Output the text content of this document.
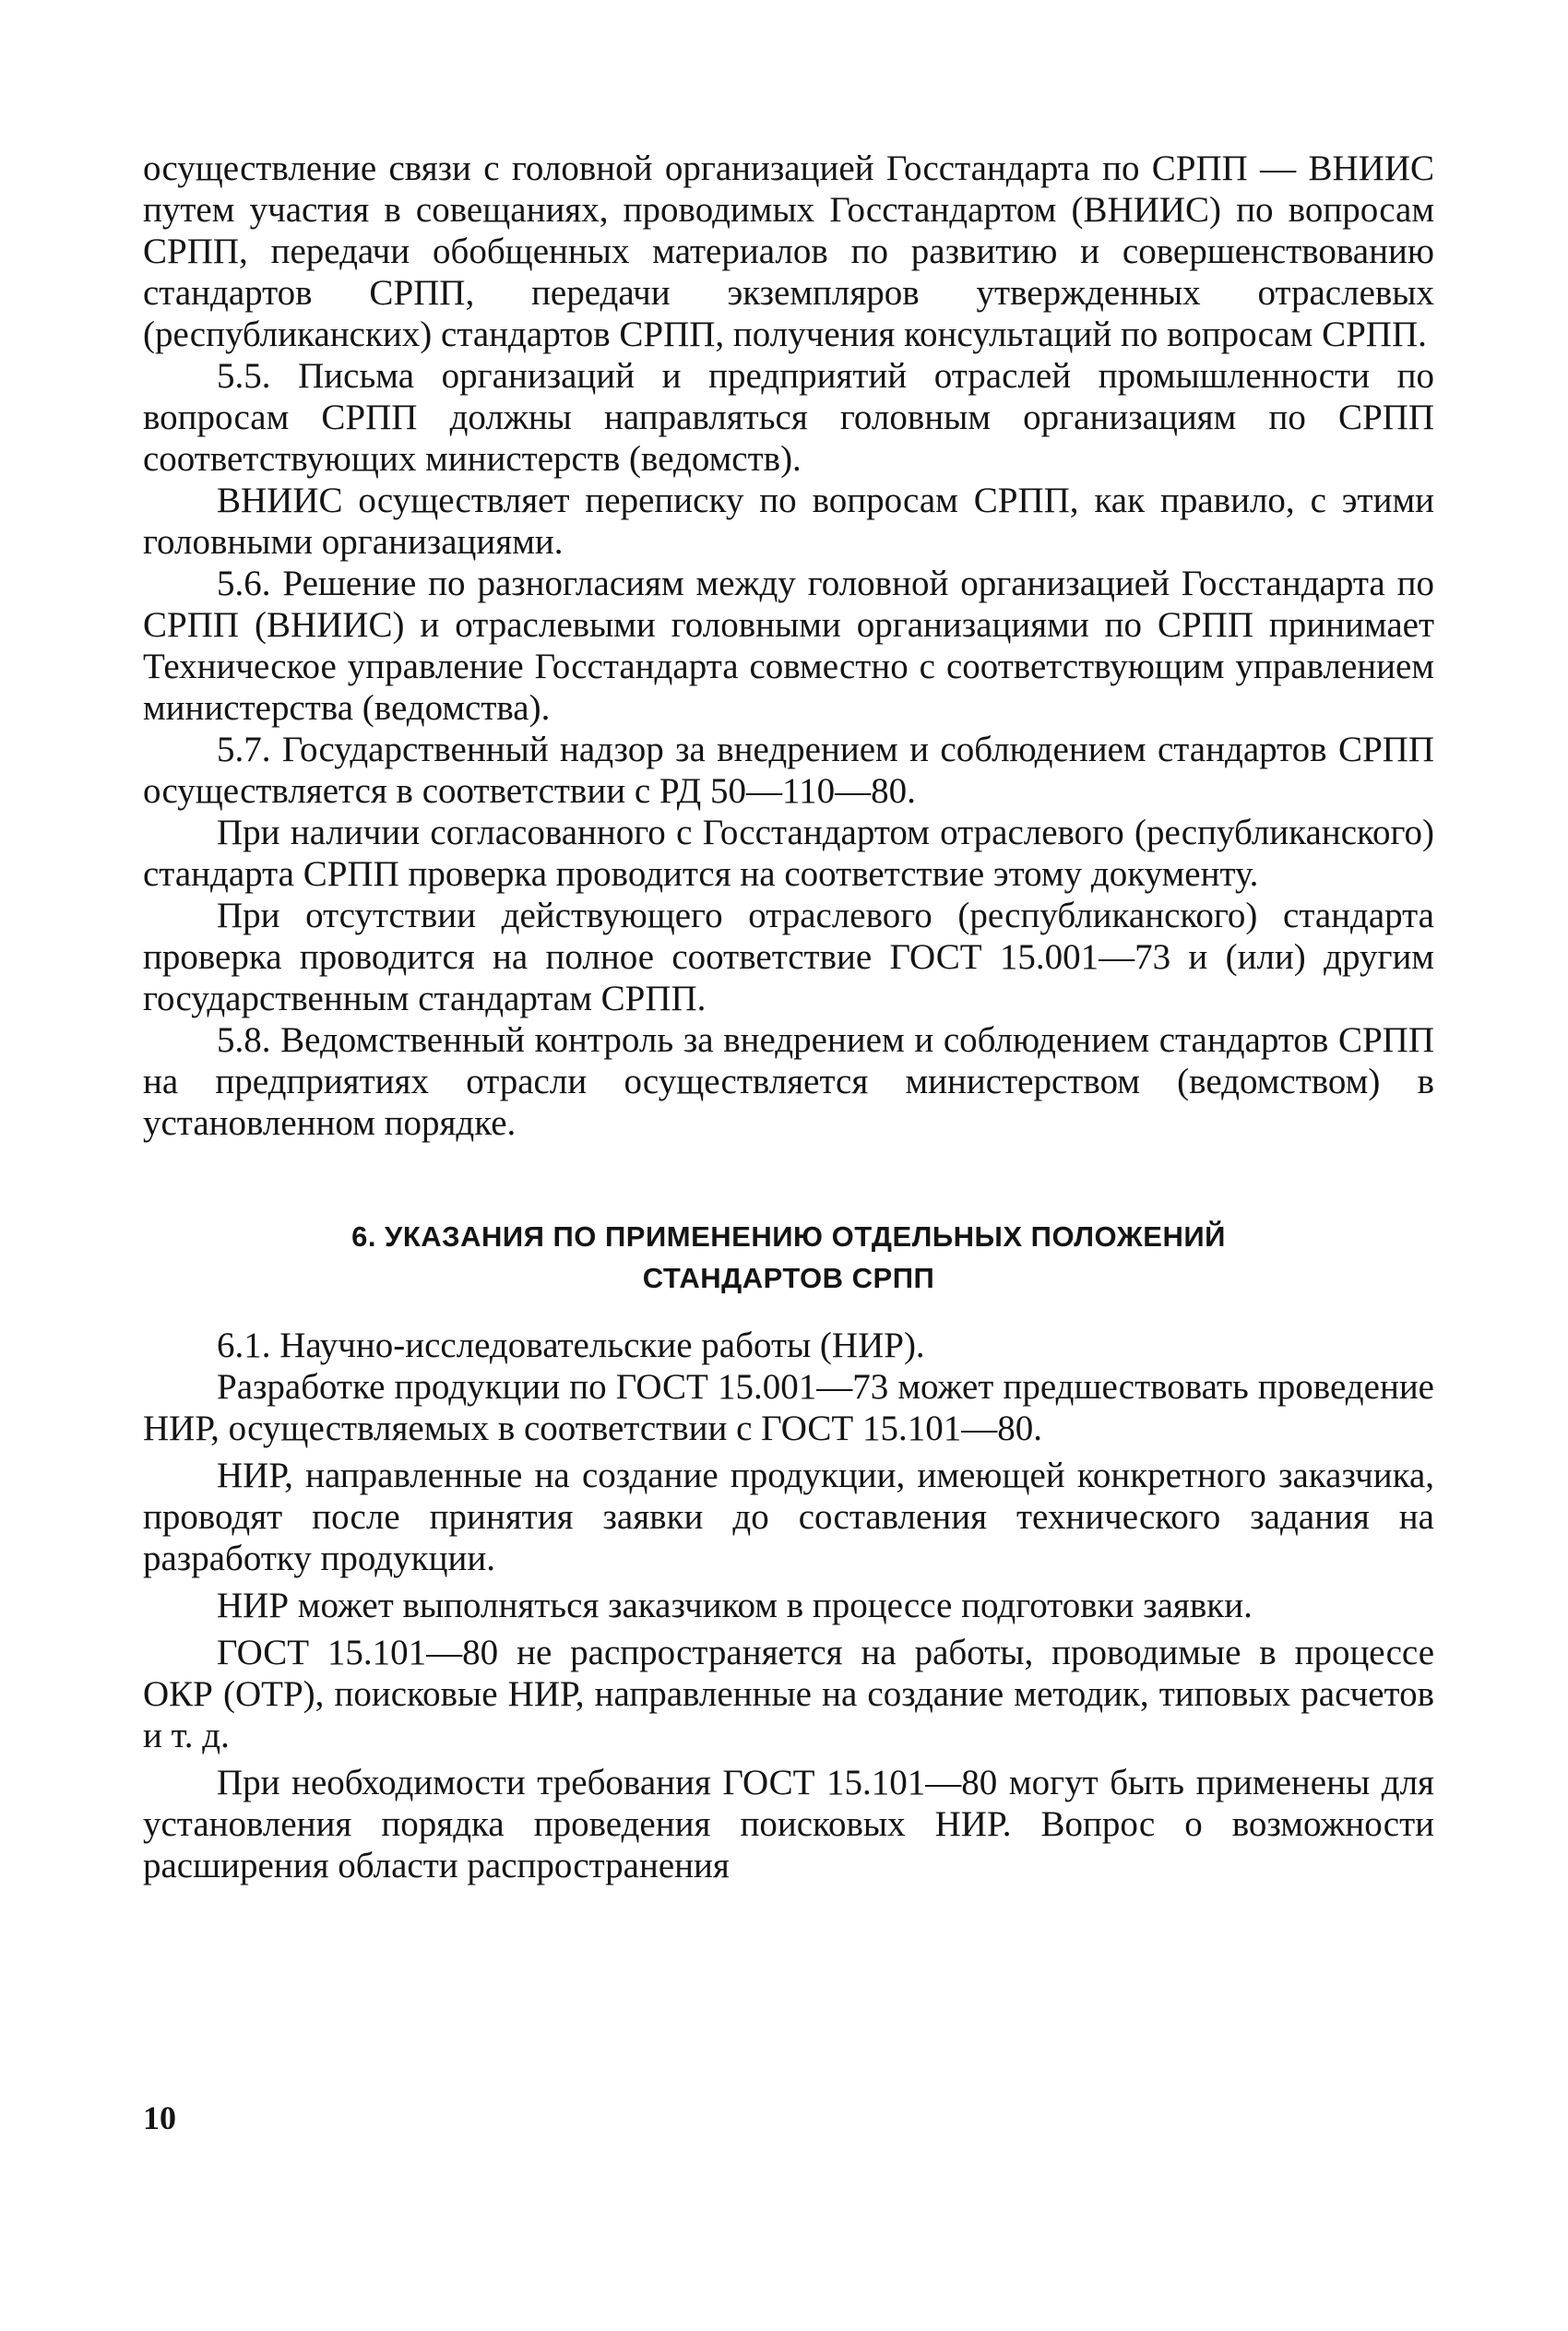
осуществление связи с головной организацией Госстандарта по СРПП — ВНИИС путем участия в совещаниях, проводимых Госстандартом (ВНИИС) по вопросам СРПП, передачи обобщенных материалов по развитию и совершенствованию стандартов СРПП, передачи экземпляров утвержденных отраслевых (республиканских) стандартов СРПП, получения консультаций по вопросам СРПП.

5.5. Письма организаций и предприятий отраслей промышленности по вопросам СРПП должны направляться головным организациям по СРПП соответствующих министерств (ведомств).

ВНИИС осуществляет переписку по вопросам СРПП, как правило, с этими головными организациями.

5.6. Решение по разногласиям между головной организацией Госстандарта по СРПП (ВНИИС) и отраслевыми головными организациями по СРПП принимает Техническое управление Госстандарта совместно с соответствующим управлением министерства (ведомства).

5.7. Государственный надзор за внедрением и соблюдением стандартов СРПП осуществляется в соответствии с РД 50—110—80.

При наличии согласованного с Госстандартом отраслевого (республиканского) стандарта СРПП проверка проводится на соответствие этому документу.

При отсутствии действующего отраслевого (республиканского) стандарта проверка проводится на полное соответствие ГОСТ 15.001—73 и (или) другим государственным стандартам СРПП.

5.8. Ведомственный контроль за внедрением и соблюдением стандартов СРПП на предприятиях отрасли осуществляется министерством (ведомством) в установленном порядке.

6. УКАЗАНИЯ ПО ПРИМЕНЕНИЮ ОТДЕЛЬНЫХ ПОЛОЖЕНИЙ
СТАНДАРТОВ СРПП

6.1. Научно-исследовательские работы (НИР).

Разработке продукции по ГОСТ 15.001—73 может предшествовать проведение НИР, осуществляемых в соответствии с ГОСТ 15.101—80.

НИР, направленные на создание продукции, имеющей конкретного заказчика, проводят после принятия заявки до составления технического задания на разработку продукции.

НИР может выполняться заказчиком в процессе подготовки заявки.

ГОСТ 15.101—80 не распространяется на работы, проводимые в процессе ОКР (ОТР), поисковые НИР, направленные на создание методик, типовых расчетов и т. д.

При необходимости требования ГОСТ 15.101—80 могут быть применены для установления порядка проведения поисковых НИР. Вопрос о возможности расширения области распространения

10
